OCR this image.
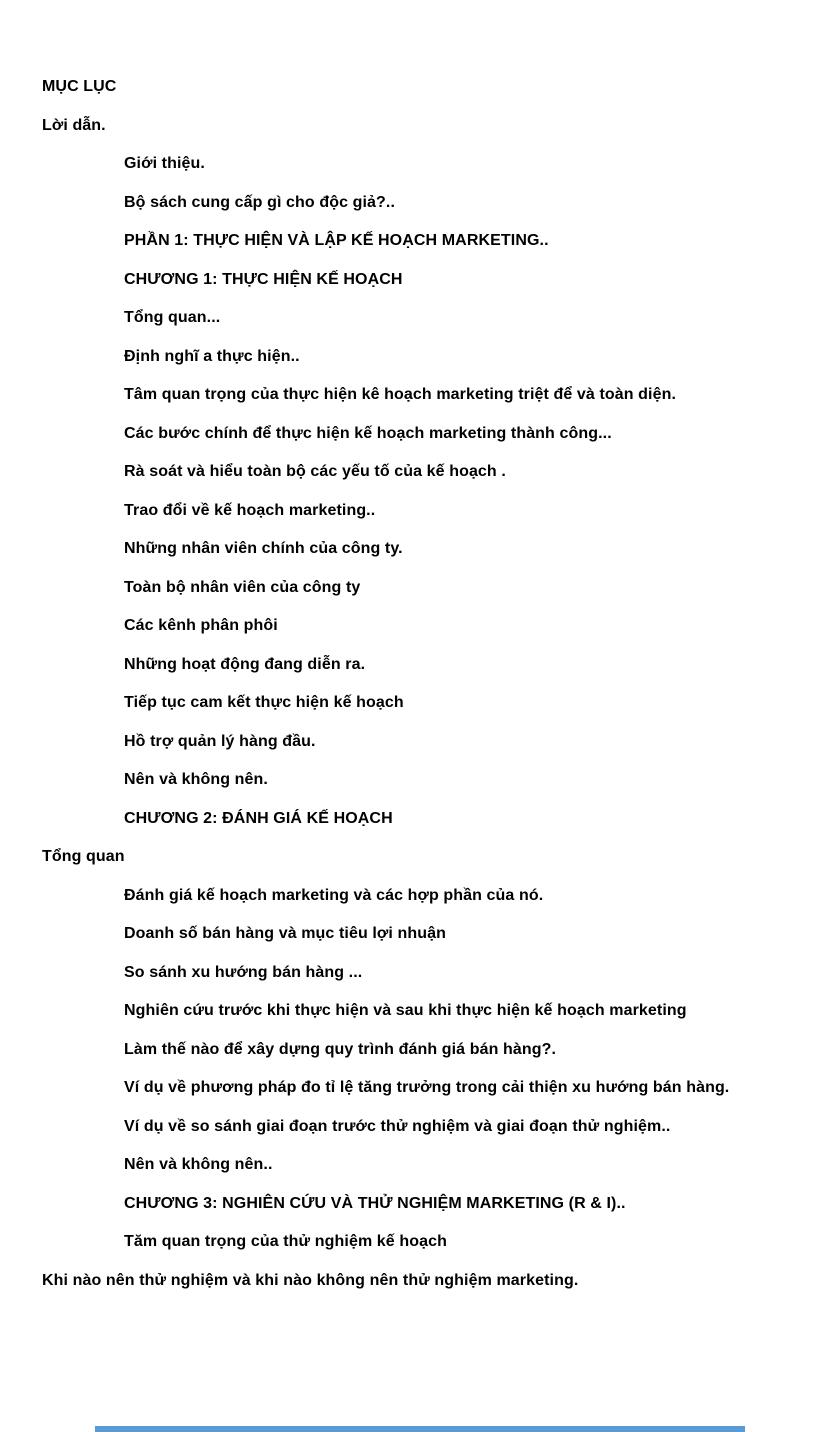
MỤC LỤC
Lời dẫn.
Giới thiệu.
Bộ sách cung cấp gì cho độc giả?..
PHẦN 1: THỰC HIỆN VÀ LẬP KẾ HOẠCH MARKETING..
CHƯƠNG 1: THỰC HIỆN KẾ HOẠCH
Tổng quan...
Định nghĩ a thực hiện..
Tâm quan trọng của thực hiện kê hoạch marketing triệt để và toàn diện.
Các bước chính để thực hiện kế hoạch marketing thành công...
Rà soát và hiểu toàn bộ các yếu tố của kế hoạch .
Trao đổi về kế hoạch marketing..
Những nhân viên chính của công ty.
Toàn bộ nhân viên của công ty
Các kênh phân phôi
Những hoạt động đang diễn ra.
Tiếp tục cam kết thực hiện kế hoạch
Hồ trợ quản lý hàng đầu.
Nên và không nên.
CHƯƠNG 2: ĐÁNH GIÁ KẾ HOẠCH
Tổng quan
Đánh giá kế hoạch marketing và các hợp phần của nó.
Doanh số bán hàng và mục tiêu lợi nhuận
So sánh xu hướng bán hàng ...
Nghiên cứu trước khi thực hiện và sau khi thực hiện kế hoạch marketing
Làm thế nào để xây dựng quy trình đánh giá bán hàng?.
Ví dụ về phương pháp đo tỉ lệ tăng trưởng trong cải thiện xu hướng bán hàng.
Ví dụ về so sánh giai đoạn trước thử nghiệm và giai đoạn thử nghiệm..
Nên và không nên..
CHƯƠNG 3: NGHIÊN CỨU VÀ THỬ NGHIỆM MARKETING (R & I)..
Tăm quan trọng của thử nghiệm kế hoạch
Khi nào nên thử nghiệm và khi nào không nên thử nghiệm marketing.
